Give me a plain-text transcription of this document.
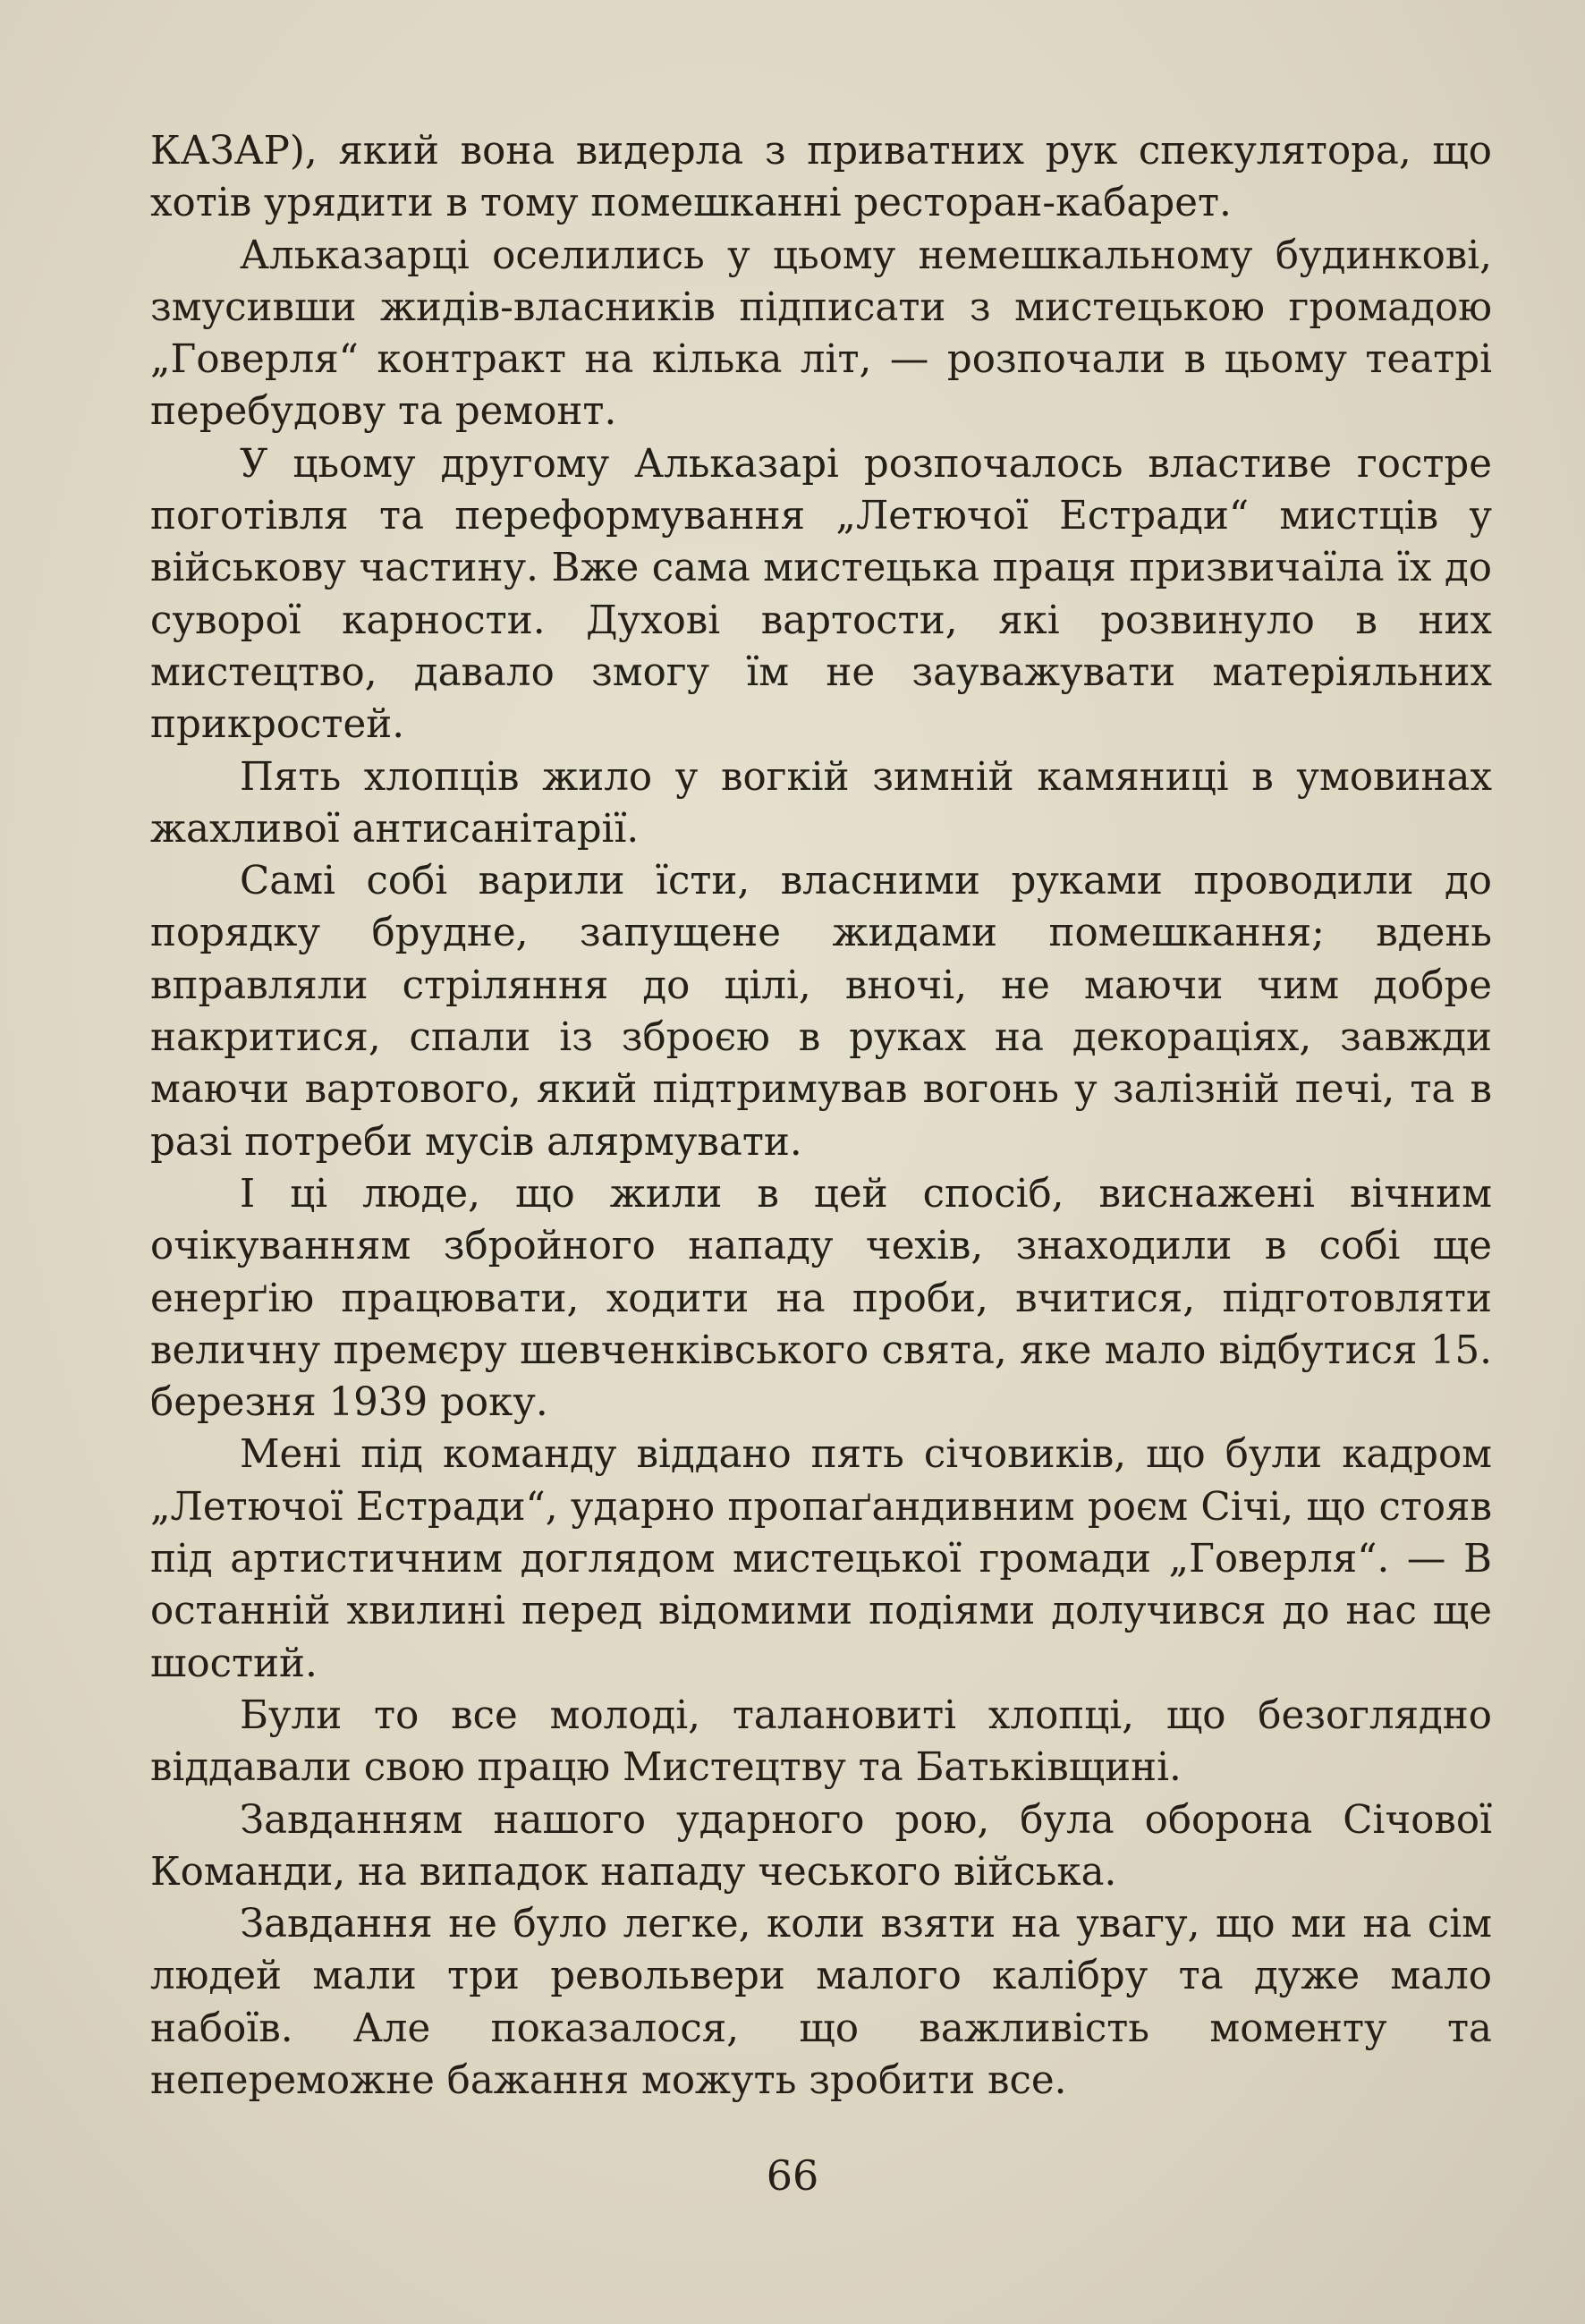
КАЗАР), який вона видерла з приватних рук спекулятора, що хотів урядити в тому помешканні ресторан-кабарет.

Альказарці оселились у цьому немешкальному будинкові, змусивши жидів-власників підписати з мистецькою громадою „Говерля“ контракт на кілька літ, — розпочали в цьому театрі перебудову та ремонт.

У цьому другому Альказарі розпочалось властиве гостре поготівля та переформування „Летючої Естради“ мистців у військову частину. Вже сама мистецька праця призвичаїла їх до суворої карности. Духові вартости, які розвинуло в них мистецтво, давало змогу їм не зауважувати матеріяльних прикростей.

Пять хлопців жило у вогкій зимній камяниці в умовинах жахливої антисанітарії.

Самі собі варили їсти, власними руками проводили до порядку брудне, запущене жидами помешкання; вдень вправляли стріляння до цілі, вночі, не маючи чим добре накритися, спали із зброєю в руках на декораціях, завжди маючи вартового, який підтримував вогонь у залізній печі, та в разі потреби мусів алярмувати.

І ці люде, що жили в цей спосіб, виснажені вічним очікуванням збройного нападу чехів, знаходили в собі ще енерґію працювати, ходити на проби, вчитися, підготовляти величну премєру шевченківського свята, яке мало відбутися 15. березня 1939 року.

Мені під команду віддано пять січовиків, що були кадром „Летючої Естради“, ударно пропаґандивним роєм Січі, що стояв під артистичним доглядом мистецької громади „Говерля“. — В останній хвилині перед відомими подіями долучився до нас ще шостий.

Були то все молоді, талановиті хлопці, що безоглядно віддавали свою працю Мистецтву та Батьківщині.

Завданням нашого ударного рою, була оборона Січової Команди, на випадок нападу чеського війська.

Завдання не було легке, коли взяти на увагу, що ми на сім людей мали три револьвери малого калібру та дуже мало набоїв. Але показалося, що важливість моменту та непереможне бажання можуть зробити все.

66
